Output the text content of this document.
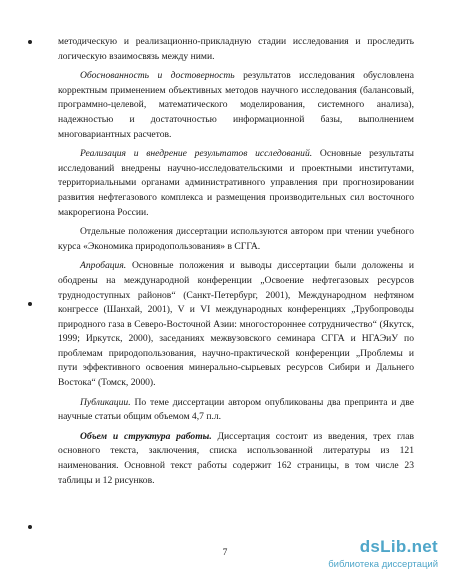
методическую и реализационно-прикладную стадии исследования и проследить логическую взаимосвязь между ними.

Обоснованность и достоверность результатов исследования обусловлена корректным применением объективных методов научного исследования (балансовый, программно-целевой, математического моделирования, системного анализа), надежностью и достаточностью информационной базы, выполнением многовариантных расчетов.

Реализация и внедрение результатов исследований. Основные результаты исследований внедрены научно-исследовательскими и проектными институтами, территориальными органами административного управления при прогнозировании развития нефтегазового комплекса и размещения производительных сил восточного макрорегиона России.

Отдельные положения диссертации используются автором при чтении учебного курса «Экономика природопользования» в СГГА.

Апробация. Основные положения и выводы диссертации были доложены и ободрены на международной конференции „Освоение нефтегазовых ресурсов труднодоступных районов“ (Санкт-Петербург, 2001), Международном нефтяном конгрессе (Шанхай, 2001), V и VI международных конференциях „Трубопроводы природного газа в Северо-Восточной Азии: многостороннее сотрудничество“ (Якутск, 1999; Иркутск, 2000), заседаниях межвузовского семинара СГГА и НГАЭиУ по проблемам природопользования, научно-практической конференции „Проблемы и пути эффективного освоения минерально-сырьевых ресурсов Сибири и Дальнего Востока“ (Томск, 2000).

Публикации. По теме диссертации автором опубликованы два препринта и две научные статьи общим объемом 4,7 п.л.

Объем и структура работы. Диссертация состоит из введения, трех глав основного текста, заключения, списка использованной литературы из 121 наименования. Основной текст работы содержит 162 страницы, в том числе 23 таблицы и 12 рисунков.

7	dsLib.net
библиотека диссертаций
